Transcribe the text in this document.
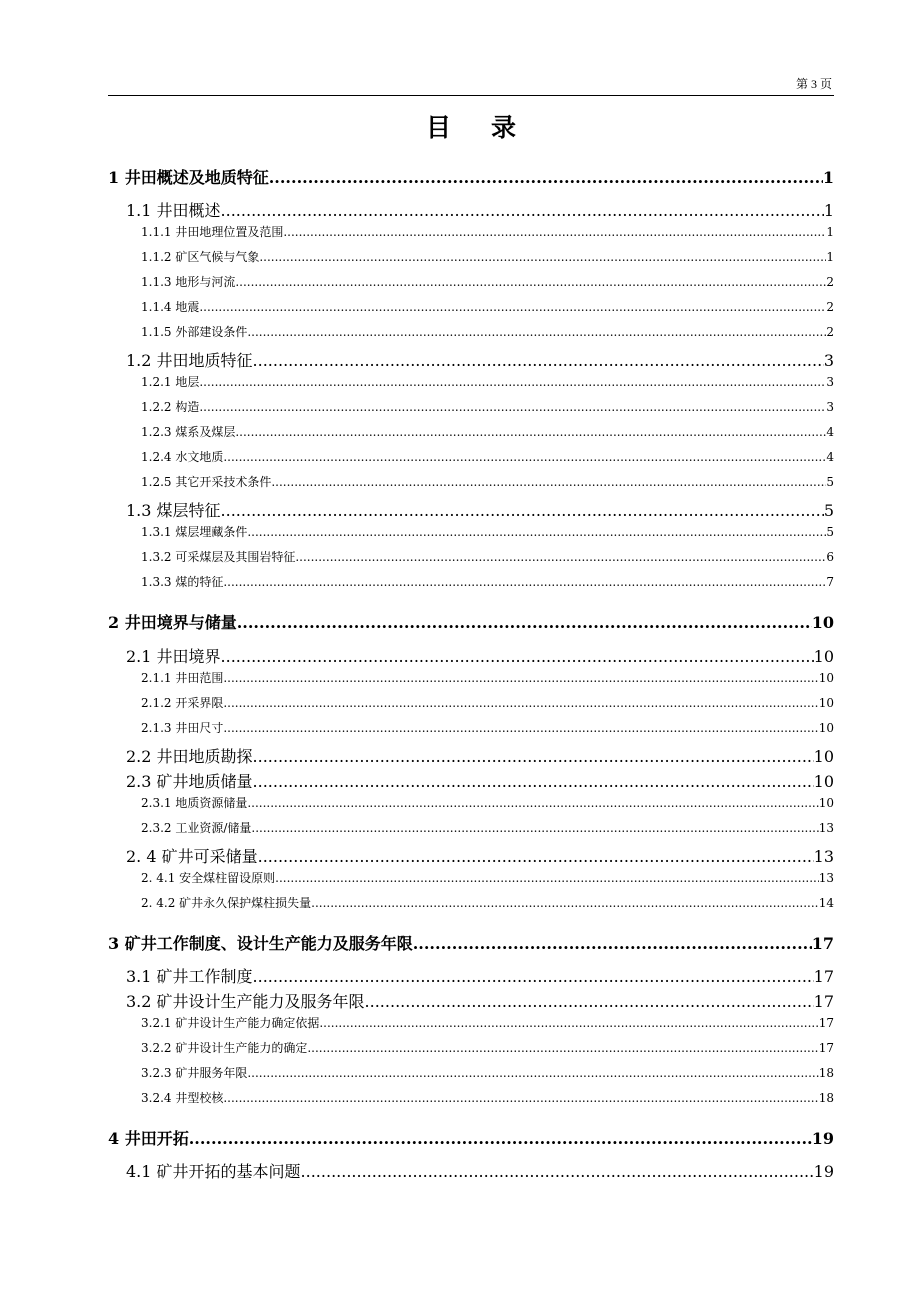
第 3 页
目录
1 井田概述及地质特征 .....	1
1.1 井田概述 .....	1
1.1.1 井田地理位置及范围 .....	1
1.1.2 矿区气候与气象 .....	1
1.1.3 地形与河流 .....	2
1.1.4 地震 .....	2
1.1.5 外部建设条件 .....	2
1.2 井田地质特征 .....	3
1.2.1 地层 .....	3
1.2.2 构造 .....	3
1.2.3 煤系及煤层 .....	4
1.2.4 水文地质 .....	4
1.2.5 其它开采技术条件 .....	5
1.3 煤层特征 .....	5
1.3.1 煤层埋藏条件 .....	5
1.3.2 可采煤层及其围岩特征 .....	6
1.3.3 煤的特征 .....	7
2 井田境界与储量 .....	10
2.1 井田境界 .....	10
2.1.1 井田范围 .....	10
2.1.2 开采界限 .....	10
2.1.3 井田尺寸 .....	10
2.2 井田地质勘探 .....	10
2.3 矿井地质储量 .....	10
2.3.1 地质资源储量 .....	10
2.3.2 工业资源/储量 .....	13
2. 4 矿井可采储量 .....	13
2. 4.1 安全煤柱留设原则 .....	13
2. 4.2 矿井永久保护煤柱损失量 .....	14
3 矿井工作制度、设计生产能力及服务年限 .....	17
3.1 矿井工作制度 .....	17
3.2 矿井设计生产能力及服务年限 .....	17
3.2.1 矿井设计生产能力确定依据 .....	17
3.2.2 矿井设计生产能力的确定 .....	17
3.2.3 矿井服务年限 .....	18
3.2.4 井型校核 .....	18
4 井田开拓 .....	19
4.1 矿井开拓的基本问题 .....	19
